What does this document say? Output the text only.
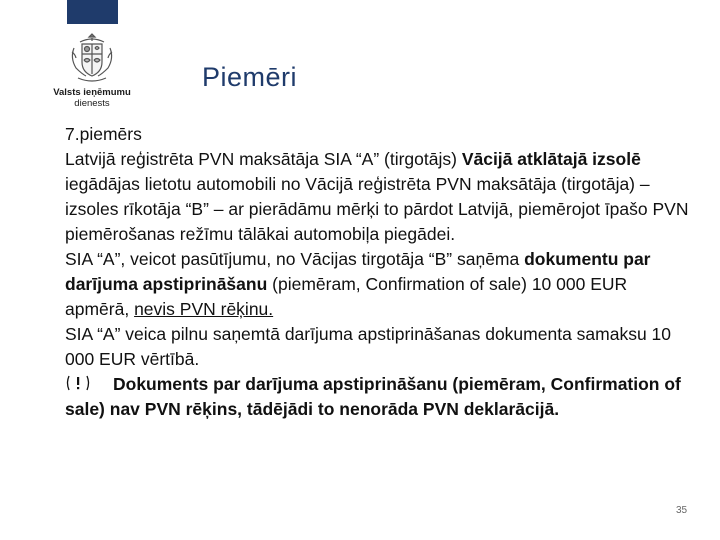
Valsts ieņēmumu
dienests
Piemēri

7.piemērs

Latvijā reģistrēta PVN maksātāja SIA “A” (tirgotājs) Vācijā atklātajā izsolē iegādājas lietotu automobili no Vācijā reģistrēta PVN maksātāja (tirgotāja) – izsoles rīkotāja “B” – ar pierādāmu mērķi to pārdot Latvijā, piemērojot īpašo PVN piemērošanas režīmu tālākai automobiļa piegādei.

SIA “A”, veicot pasūtījumu, no Vācijas tirgotāja “B” saņēma dokumentu par darījuma apstiprināšanu (piemēram, Confirmation of sale) 10 000 EUR apmērā, nevis PVN rēķinu.

SIA “A” veica pilnu saņemtā darījuma apstiprināšanas dokumenta samaksu 10 000 EUR vērtībā.

Dokuments par darījuma apstiprināšanu (piemēram, Confirmation of sale) nav PVN rēķins, tādējādi to nenorāda PVN deklarācijā.

35
